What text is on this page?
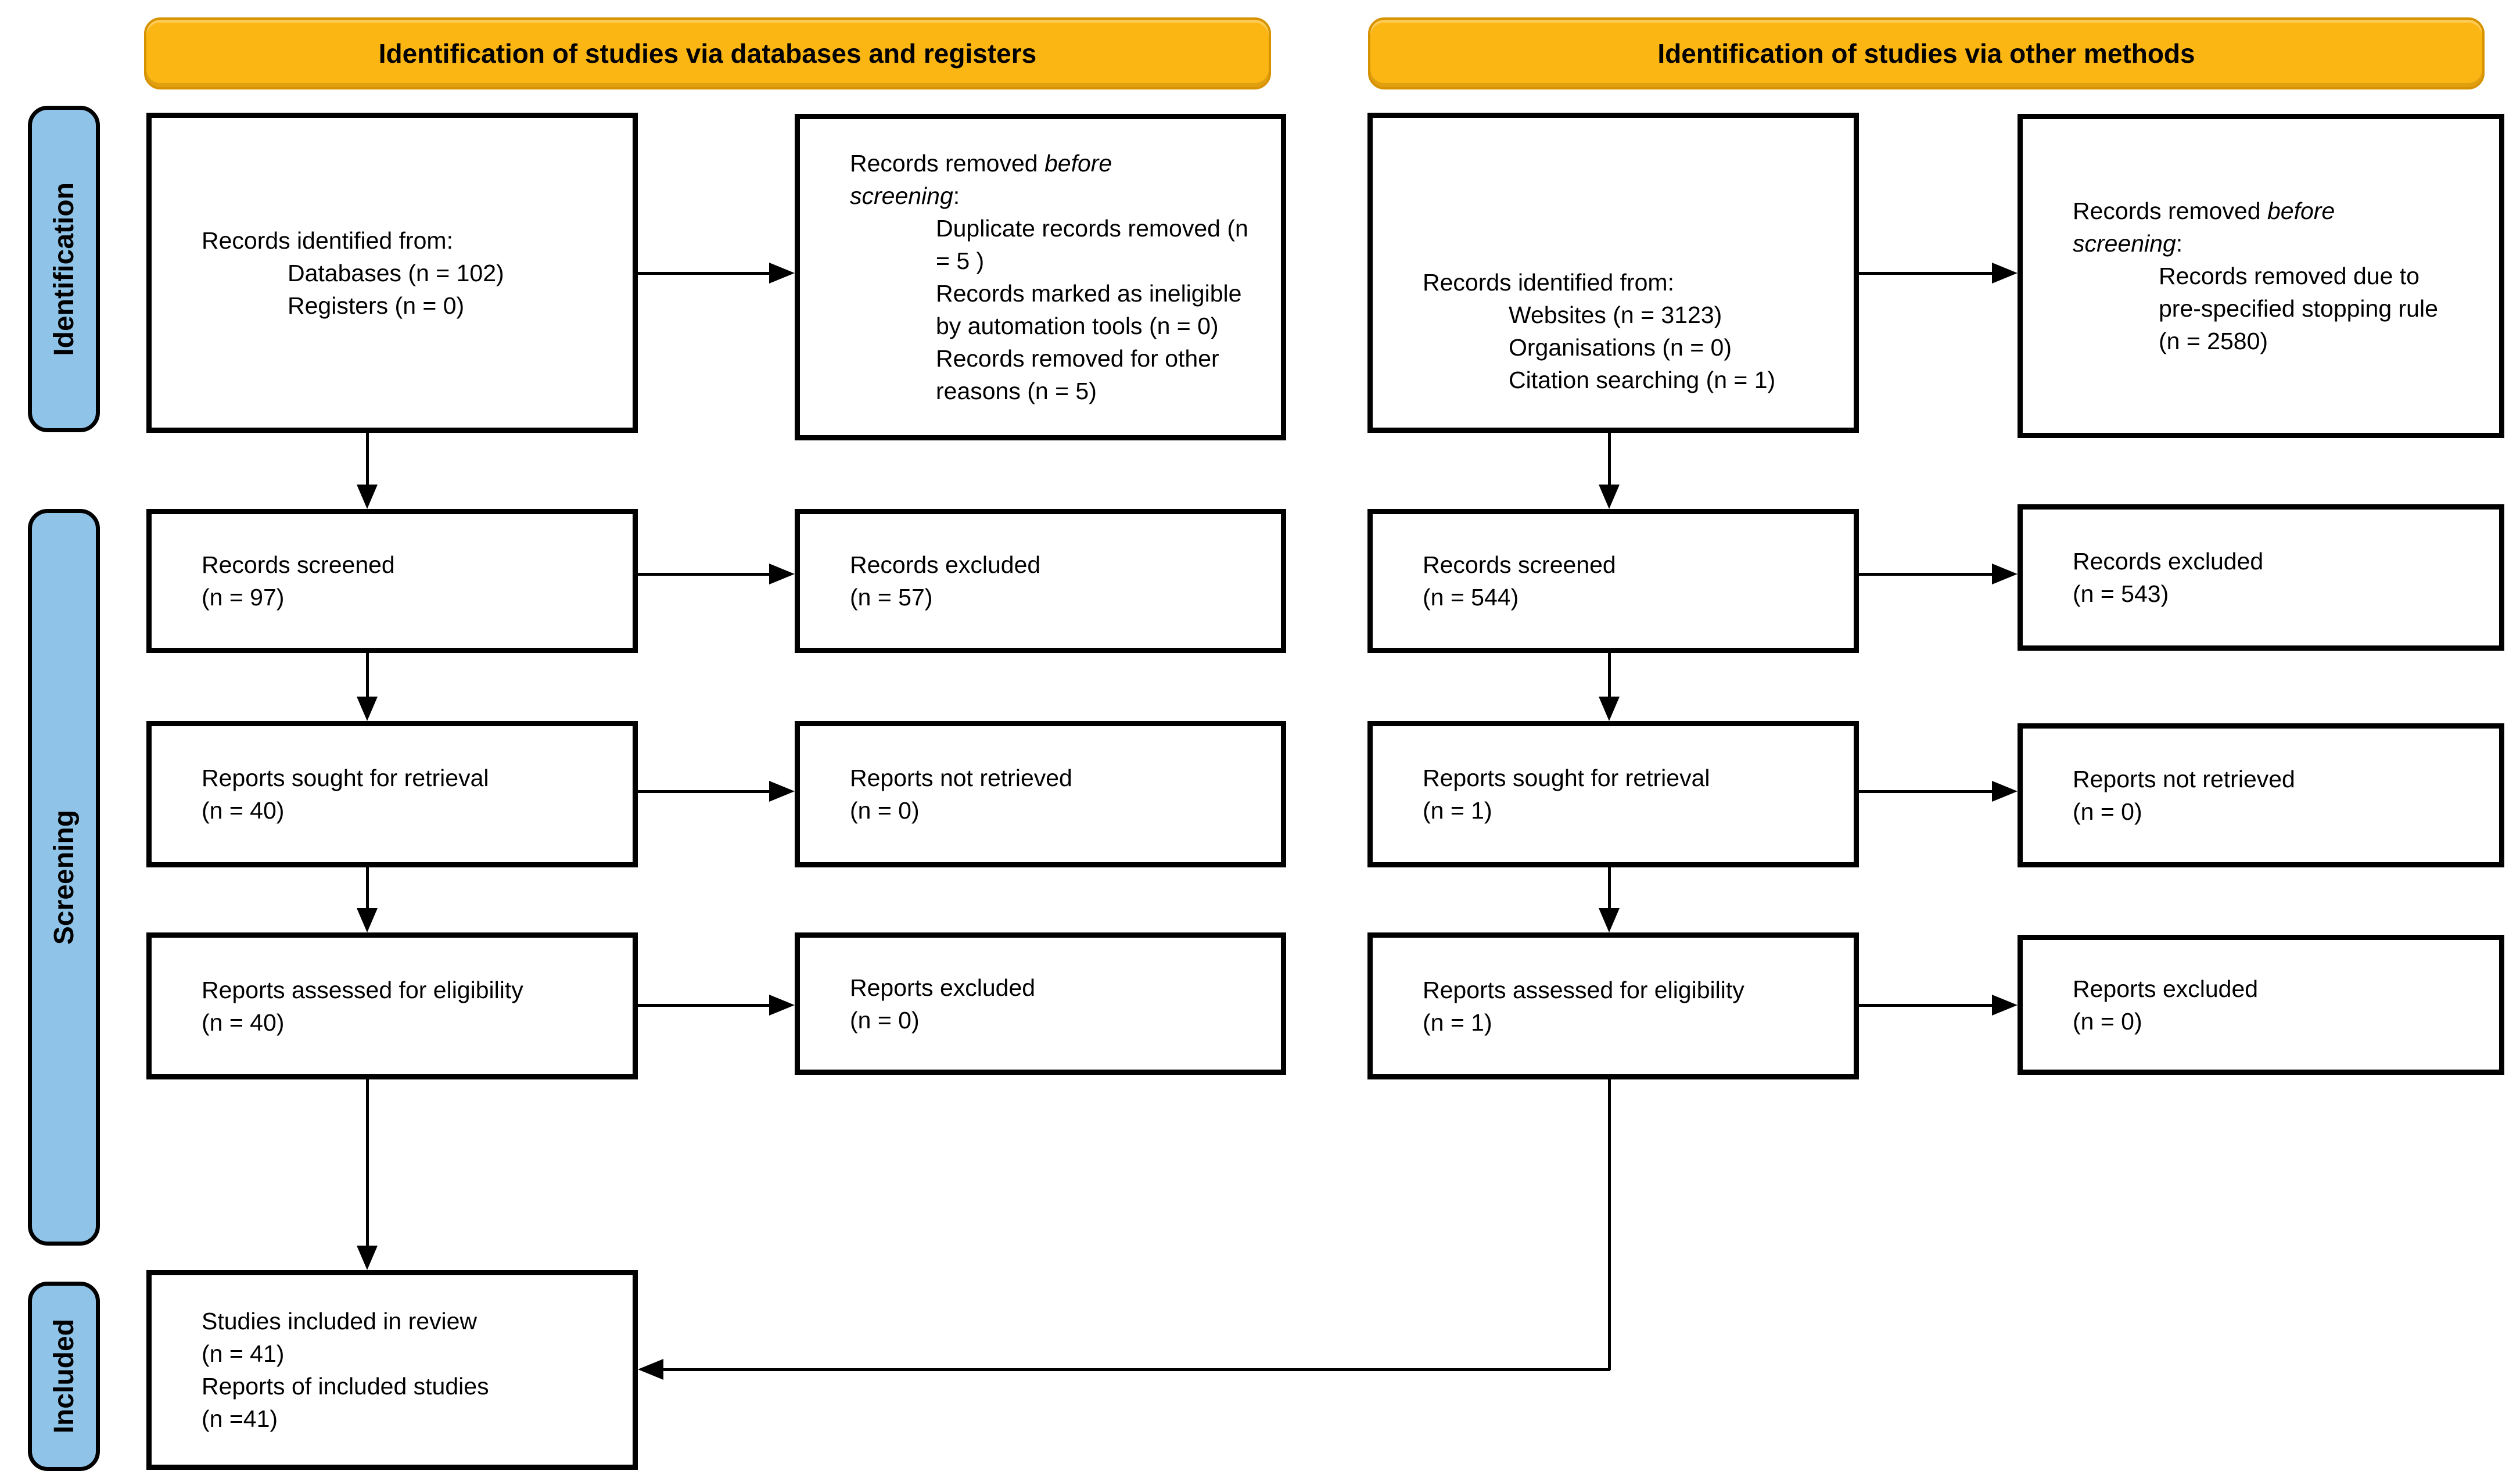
Identification of studies via databases and registers	Identification of studies via other methods
Identification
Screening
Included
Records identified from:
Databases (n = 102)
Registers (n = 0)
Records removed before
screening:
Duplicate records removed (n
= 5 )
Records marked as ineligible
by automation tools (n = 0)
Records removed for other
reasons (n = 5)
Records screened
(n = 97)
Records excluded
(n = 57)
Reports sought for retrieval
(n = 40)
Reports not retrieved
(n = 0)
Reports assessed for eligibility
(n = 40)
Reports excluded
(n = 0)
Studies included in review
(n = 41)
Reports of included studies
(n =41)
Records identified from:
Websites (n = 3123)
Organisations (n = 0)
Citation searching (n = 1)
Records removed before
screening:
Records removed due to
pre-specified stopping rule
(n = 2580)
Records screened
(n = 544)
Records excluded
(n = 543)
Reports sought for retrieval
(n = 1)
Reports not retrieved
(n = 0)
Reports assessed for eligibility
(n = 1)
Reports excluded
(n = 0)
